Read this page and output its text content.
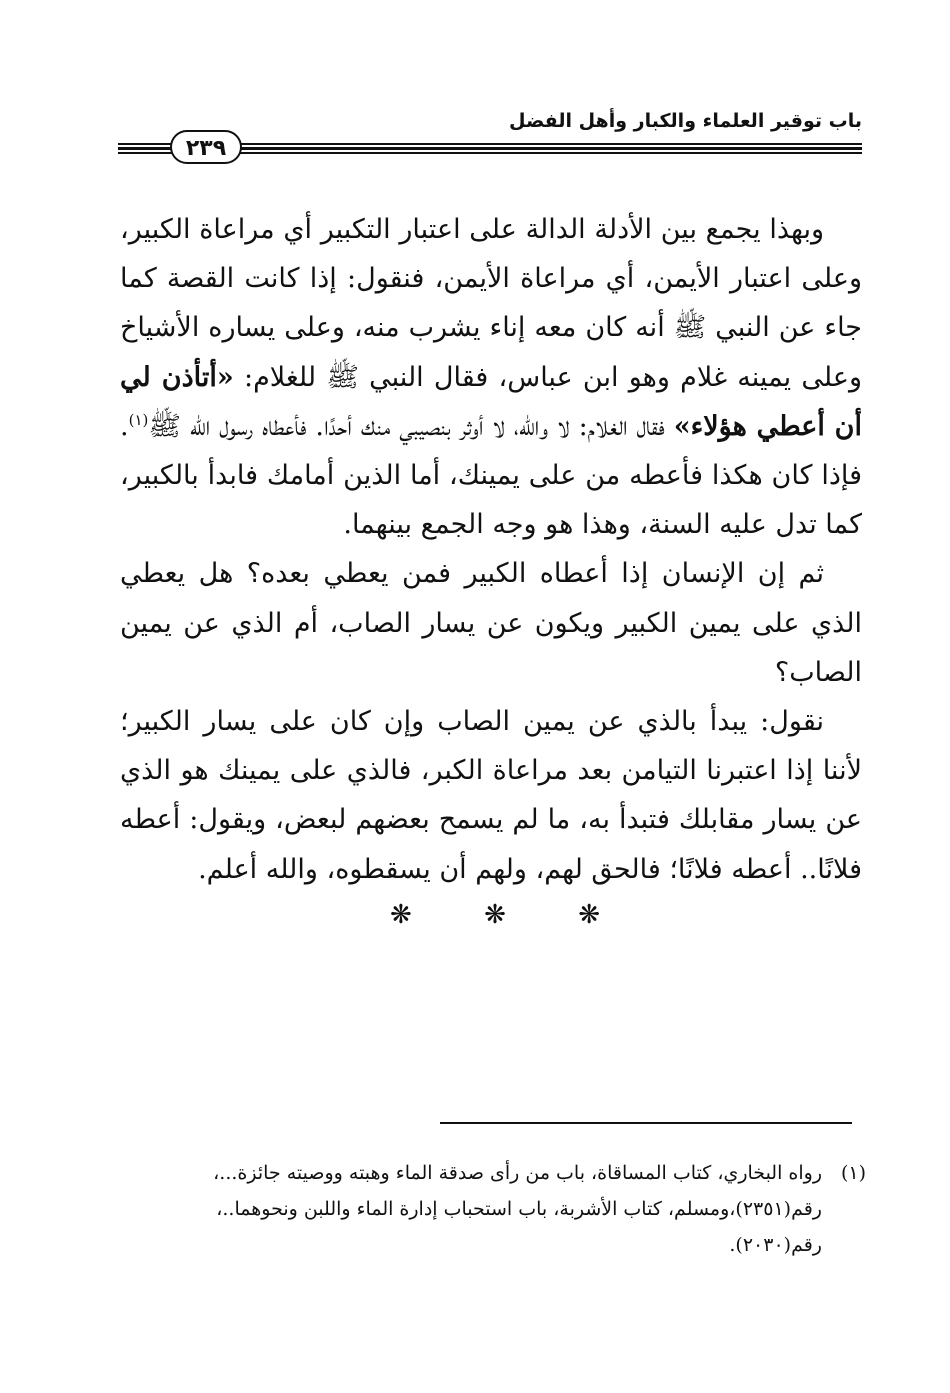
باب توقير العلماء والكبار وأهل الفضل
٢٣٩

وبهذا يجمع بين الأدلة الدالة على اعتبار التكبير أي مراعاة الكبير، وعلى اعتبار الأيمن، أي مراعاة الأيمن، فنقول: إذا كانت القصة كما جاء عن النبي ﷺ أنه كان معه إناء يشرب منه، وعلى يساره الأشياخ وعلى يمينه غلام وهو ابن عباس، فقال النبي ﷺ للغلام: «أتأذن لي أن أعطي هؤلاء» فقال الغلام: لا والله، لا أوثر بنصيبي منك أحدًا. فأعطاه رسول الله ﷺ$^{(١)}$. فإذا كان هكذا فأعطه من على يمينك، أما الذين أمامك فابدأ بالكبير، كما تدل عليه السنة، وهذا هو وجه الجمع بينهما.

ثم إن الإنسان إذا أعطاه الكبير فمن يعطي بعده؟ هل يعطي الذي على يمين الكبير ويكون عن يسار الصاب، أم الذي عن يمين الصاب؟

نقول: يبدأ بالذي عن يمين الصاب وإن كان على يسار الكبير؛ لأننا إذا اعتبرنا التيامن بعد مراعاة الكبر، فالذي على يمينك هو الذي عن يسار مقابلك فتبدأ به، ما لم يسمح بعضهم لبعض، ويقول: أعطه فلانًا.. أعطه فلانًا؛ فالحق لهم، ولهم أن يسقطوه، والله أعلم.

❋	❋	❋
(١)
رواه البخاري، كتاب المساقاة، باب من رأى صدقة الماء وهبته ووصيته جائزة...، رقم(٢٣٥١)،ومسلم، كتاب الأشربة، باب استحباب إدارة الماء واللبن ونحوهما..، رقم(٢٠٣٠).
